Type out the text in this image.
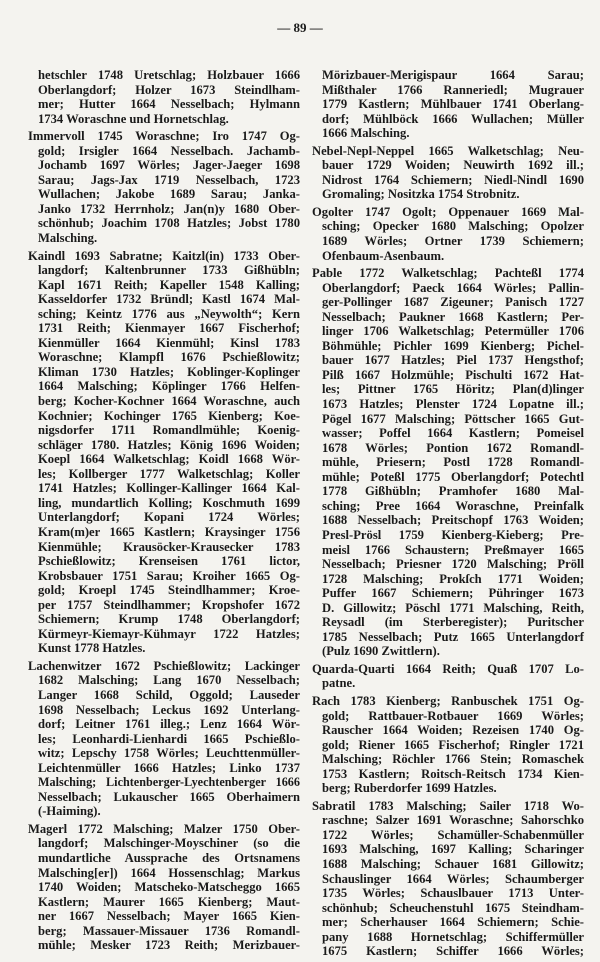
— 89 —
hetschler 1748 Uretschlag; Holzbauer 1666
Oberlangdorf; Holzer 1673 Steindlham-
mer; Hutter 1664 Nesselbach; Hylmann
1734 Woraschne und Hornetschlag.
Immervoll 1745 Woraschne; Iro 1747 Og-
gold; Irsigler 1664 Nesselbach. Jachamb-
Jochamb 1697 Wörles; Jager-Jaeger 1698
Sarau; Jags-Jax 1719 Nesselbach, 1723
Wullachen; Jakobe 1689 Sarau; Janka-
Janko 1732 Herrnholz; Jan(n)y 1680 Ober-
schönhub; Joachim 1708 Hatzles; Jobst 1780
Malsching.
Kaindl 1693 Sabratne; Kaitzl(in) 1733 Ober-
langdorf; Kaltenbrunner 1733 Gißhübln;
Kapl 1671 Reith; Kapeller 1548 Kalling;
Kasseldorfer 1732 Bründl; Kastl 1674 Mal-
sching; Keintz 1776 aus „Neywolth“; Kern
1731 Reith; Kienmayer 1667 Fischerhof;
Kienmüller 1664 Kienmühl; Kinsl 1783
Woraschne; Klampfl 1676 Pschießlowitz;
Kliman 1730 Hatzles; Koblinger-Koplinger
1664 Malsching; Köplinger 1766 Helfen-
berg; Kocher-Kochner 1664 Woraschne, auch
Kochnier; Kochinger 1765 Kienberg; Koe-
nigsdorfer 1711 Romandlmühle; Koenig-
schläger 1780. Hatzles; König 1696 Woiden;
Koepl 1664 Walketschlag; Koidl 1668 Wör-
les; Kollberger 1777 Walketschlag; Koller
1741 Hatzles; Kollinger-Kallinger 1664 Kal-
ling, mundartlich Kolling; Koschmuth 1699
Unterlangdorf; Kopani 1724 Wörles;
Kram(m)er 1665 Kastlern; Kraysinger 1756
Kienmühle; Krausöcker-Krausecker 1783
Pschießlowitz; Krenseisen 1761 lictor,
Krobsbauer 1751 Sarau; Kroiher 1665 Og-
gold; Kroepl 1745 Steindlhammer; Kroe-
per 1757 Steindlhammer; Kropshofer 1672
Schiemern; Krump 1748 Oberlangdorf;
Kürmeyr-Kiemayr-Kühmayr 1722 Hatzles;
Kunst 1778 Hatzles.
Lachenwitzer 1672 Pschießlowitz; Lackinger
1682 Malsching; Lang 1670 Nesselbach;
Langer 1668 Schild, Oggold; Lauseder
1698 Nesselbach; Leckus 1692 Unterlang-
dorf; Leitner 1761 illeg.; Lenz 1664 Wör-
les; Leonhardi-Lienhardi 1665 Pschießlo-
witz; Lepschy 1758 Wörles; Leuchttenmüller-
Leichtenmüller 1666 Hatzles; Linko 1737
Malsching; Lichtenberger-Lyechtenberger 1666
Nesselbach; Lukauscher 1665 Oberhaimern
(-Haiming).
Magerl 1772 Malsching; Malzer 1750 Ober-
langdorf; Malschinger-Moyschiner (so die
mundartliche Aussprache des Ortsnamens
Malsching[er]) 1664 Hossenschlag; Markus
1740 Woiden; Matscheko-Matscheggo 1665
Kastlern; Maurer 1665 Kienberg; Maut-
ner 1667 Nesselbach; Mayer 1665 Kien-
berg; Massauer-Missauer 1736 Romandl-
mühle; Mesker 1723 Reith; Merizbauer-
Mörizbauer-Merigispaur 1664 Sarau;
Mißthaler 1766 Ranneriedl; Mugrauer
1779 Kastlern; Mühlbauer 1741 Oberlang-
dorf; Mühlböck 1666 Wullachen; Müller
1666 Malsching.
Nebel-Nepl-Neppel 1665 Walketschlag; Neu-
bauer 1729 Woiden; Neuwirth 1692 ill.;
Nidrost 1764 Schiemern; Niedl-Nindl 1690
Gromaling; Nositzka 1754 Strobnitz.
Ogolter 1747 Ogolt; Oppenauer 1669 Mal-
sching; Opecker 1680 Malsching; Opolzer
1689 Wörles; Ortner 1739 Schiemern;
Ofenbaum-Asenbaum.
Pable 1772 Walketschlag; Pachteßl 1774
Oberlangdorf; Paeck 1664 Wörles; Pallin-
ger-Pollinger 1687 Zigeuner; Panisch 1727
Nesselbach; Paukner 1668 Kastlern; Per-
linger 1706 Walketschlag; Petermüller 1706
Böhmühle; Pichler 1699 Kienberg; Pichel-
bauer 1677 Hatzles; Piel 1737 Hengsthof;
Pilß 1667 Holzmühle; Pischulti 1672 Hat-
les; Pittner 1765 Höritz; Plan(d)linger
1673 Hatzles; Plenster 1724 Lopatne ill.;
Pögel 1677 Malsching; Pöttscher 1665 Gut-
wasser; Poffel 1664 Kastlern; Pomeisel
1678 Wörles; Pontion 1672 Romandl-
mühle, Priesern; Postl 1728 Romandl-
mühle; Poteßl 1775 Oberlangdorf; Potechtl
1778 Gißhübln; Pramhofer 1680 Mal-
sching; Pree 1664 Woraschne, Preinfalk
1688 Nesselbach; Preitschopf 1763 Woiden;
Presl-Prösl 1759 Kienberg-Kieberg; Pre-
meisl 1766 Schaustern; Preßmayer 1665
Nesselbach; Priesner 1720 Malsching; Pröll
1728 Malsching; Prokſch 1771 Woiden;
Puffer 1667 Schiemern; Pühringer 1673
D. Gillowitz; Pöschl 1771 Malsching, Reith,
Reysadl (im Sterberegister); Puritscher
1785 Nesselbach; Putz 1665 Unterlangdorf
(Pulz 1690 Zwittlern).
Quarda-Quarti 1664 Reith; Quaß 1707 Lo-
patne.
Rach 1783 Kienberg; Ranbuschek 1751 Og-
gold; Rattbauer-Rotbauer 1669 Wörles;
Rauscher 1664 Woiden; Rezeisen 1740 Og-
gold; Riener 1665 Fischerhof; Ringler 1721
Malsching; Röchler 1766 Stein; Romaschek
1753 Kastlern; Roitsch-Reitsch 1734 Kien-
berg; Ruberdorfer 1699 Hatzles.
Sabratil 1783 Malsching; Sailer 1718 Wo-
raschne; Salzer 1691 Woraschne; Sahorschko
1722 Wörles; Schamüller-Schabenmüller
1693 Malsching, 1697 Kalling; Scharinger
1688 Malsching; Schauer 1681 Gillowitz;
Schauslinger 1664 Wörles; Schaumberger
1735 Wörles; Schauslbauer 1713 Unter-
schönhub; Scheuchenstuhl 1675 Steindham-
mer; Scherhauser 1664 Schiemern; Schie-
pany 1688 Hornetschlag; Schiffermüller
1675 Kastlern; Schiffer 1666 Wörles;
